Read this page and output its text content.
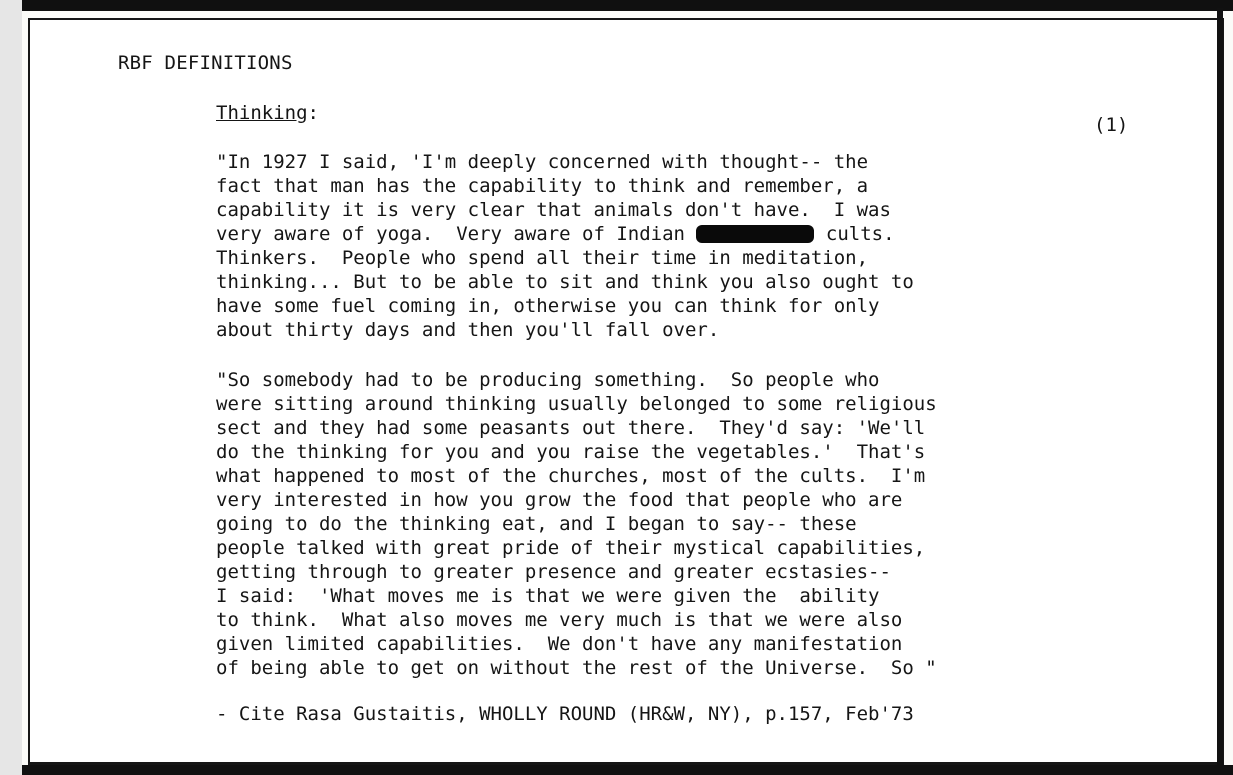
RBF DEFINITIONS
Thinking:
(1)
"In 1927 I said, 'I'm deeply concerned with thought-- the
fact that man has the capability to think and remember, a
capability it is very clear that animals don't have.  I was
very aware of yoga.  Very aware of Indian	cults.
Thinkers.  People who spend all their time in meditation,
thinking... But to be able to sit and think you also ought to
have some fuel coming in, otherwise you can think for only
about thirty days and then you'll fall over.
"So somebody had to be producing something.  So people who
were sitting around thinking usually belonged to some religious
sect and they had some peasants out there.  They'd say: 'We'll
do the thinking for you and you raise the vegetables.'  That's
what happened to most of the churches, most of the cults.  I'm
very interested in how you grow the food that people who are
going to do the thinking eat, and I began to say-- these
people talked with great pride of their mystical capabilities,
getting through to greater presence and greater ecstasies--
I said:  'What moves me is that we were given the  ability
to think.  What also moves me very much is that we were also
given limited capabilities.  We don't have any manifestation
of being able to get on without the rest of the Universe.  So "
- Cite Rasa Gustaitis, WHOLLY ROUND (HR&W, NY), p.157, Feb'73
